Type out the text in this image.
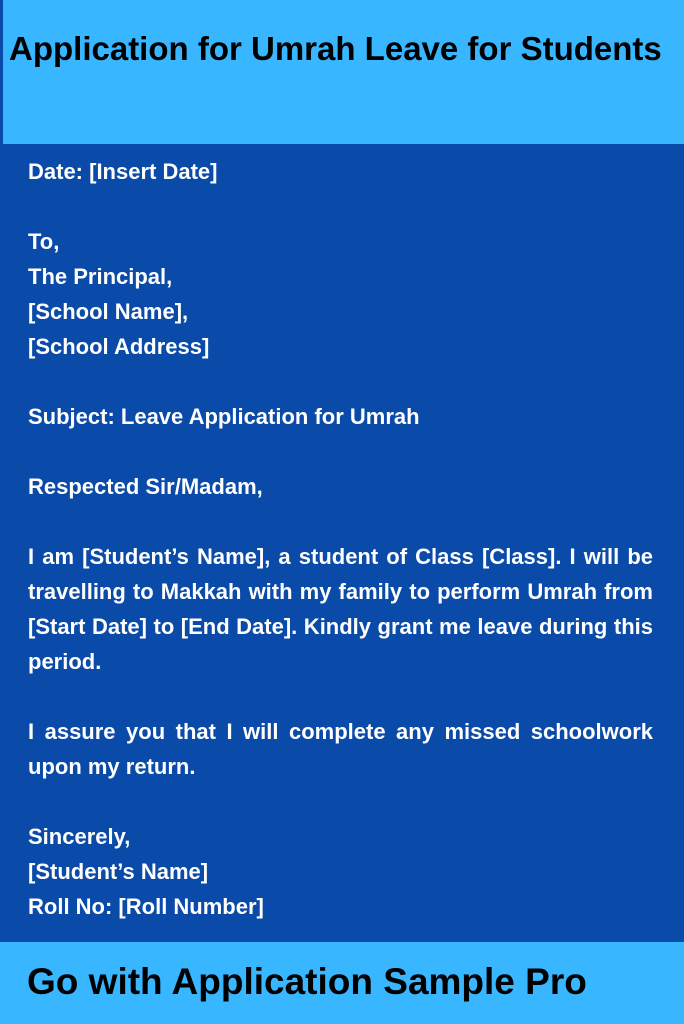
Application for Umrah Leave for Students
Date: [Insert Date]
To,
The Principal,
[School Name],
[School Address]
Subject: Leave Application for Umrah
Respected Sir/Madam,
I am [Student’s Name], a student of Class [Class]. I will be travelling to Makkah with my family to perform Umrah from [Start Date] to [End Date]. Kindly grant me leave during this period.
I assure you that I will complete any missed schoolwork upon my return.
Sincerely,
[Student’s Name]
Roll No: [Roll Number]
Go with Application Sample Pro
